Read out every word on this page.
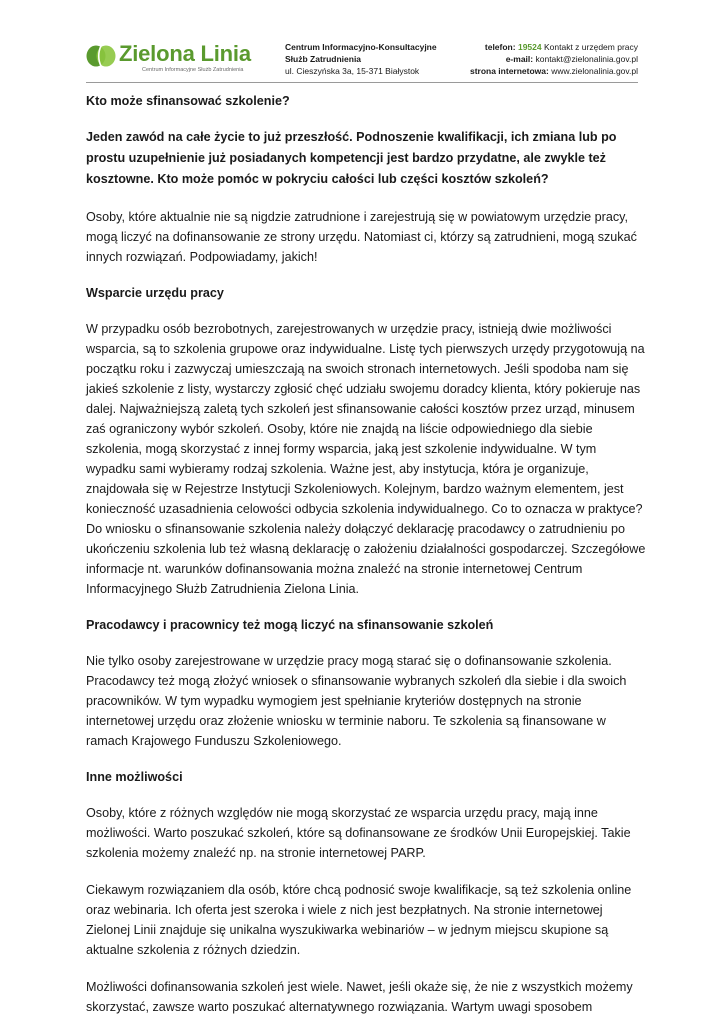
Zielona Linia
Centrum Informacyjne Służb Zatrudnienia
Centrum Informacyjno-Konsultacyjne
Służb Zatrudnienia
ul. Cieszyńska 3a, 15-371 Białystok
telefon: 19524 Kontakt z urzędem pracy
e-mail: kontakt@zielonalinia.gov.pl
strona internetowa: www.zielonalinia.gov.pl

Kto może sfinansować szkolenie?

Jeden zawód na całe życie to już przeszłość. Podnoszenie kwalifikacji, ich zmiana lub po prostu uzupełnienie już posiadanych kompetencji jest bardzo przydatne, ale zwykle też kosztowne. Kto może pomóc w pokryciu całości lub części kosztów szkoleń?

Osoby, które aktualnie nie są nigdzie zatrudnione i zarejestrują się w powiatowym urzędzie pracy, mogą liczyć na dofinansowanie ze strony urzędu. Natomiast ci, którzy są zatrudnieni, mogą szukać innych rozwiązań. Podpowiadamy, jakich!

Wsparcie urzędu pracy

W przypadku osób bezrobotnych, zarejestrowanych w urzędzie pracy, istnieją dwie możliwości wsparcia, są to szkolenia grupowe oraz indywidualne. Listę tych pierwszych urzędy przygotowują na początku roku i zazwyczaj umieszczają na swoich stronach internetowych. Jeśli spodoba nam się jakieś szkolenie z listy, wystarczy zgłosić chęć udziału swojemu doradcy klienta, który pokieruje nas dalej. Najważniejszą zaletą tych szkoleń jest sfinansowanie całości kosztów przez urząd, minusem zaś ograniczony wybór szkoleń. Osoby, które nie znajdą na liście odpowiedniego dla siebie szkolenia, mogą skorzystać z innej formy wsparcia, jaką jest szkolenie indywidualne. W tym wypadku sami wybieramy rodzaj szkolenia. Ważne jest, aby instytucja, która je organizuje, znajdowała się w Rejestrze Instytucji Szkoleniowych. Kolejnym, bardzo ważnym elementem, jest konieczność uzasadnienia celowości odbycia szkolenia indywidualnego. Co to oznacza w praktyce? Do wniosku o sfinansowanie szkolenia należy dołączyć deklarację pracodawcy o zatrudnieniu po ukończeniu szkolenia lub też własną deklarację o założeniu działalności gospodarczej. Szczegółowe informacje nt. warunków dofinansowania można znaleźć na stronie internetowej Centrum Informacyjnego Służb Zatrudnienia Zielona Linia.

Pracodawcy i pracownicy też mogą liczyć na sfinansowanie szkoleń

Nie tylko osoby zarejestrowane w urzędzie pracy mogą starać się o dofinansowanie szkolenia. Pracodawcy też mogą złożyć wniosek o sfinansowanie wybranych szkoleń dla siebie i dla swoich pracowników. W tym wypadku wymogiem jest spełnianie kryteriów dostępnych na stronie internetowej urzędu oraz złożenie wniosku w terminie naboru. Te szkolenia są finansowane w ramach Krajowego Funduszu Szkoleniowego.

Inne możliwości

Osoby, które z różnych względów nie mogą skorzystać ze wsparcia urzędu pracy, mają inne możliwości. Warto poszukać szkoleń, które są dofinansowane ze środków Unii Europejskiej. Takie szkolenia możemy znaleźć np. na stronie internetowej PARP.

Ciekawym rozwiązaniem dla osób, które chcą podnosić swoje kwalifikacje, są też szkolenia online oraz webinaria. Ich oferta jest szeroka i wiele z nich jest bezpłatnych. Na stronie internetowej Zielonej Linii znajduje się unikalna wyszukiwarka webinariów – w jednym miejscu skupione są aktualne szkolenia z różnych dziedzin.

Możliwości dofinansowania szkoleń jest wiele. Nawet, jeśli okaże się, że nie z wszystkich możemy skorzystać, zawsze warto poszukać alternatywnego rozwiązania. Wartym uwagi sposobem
